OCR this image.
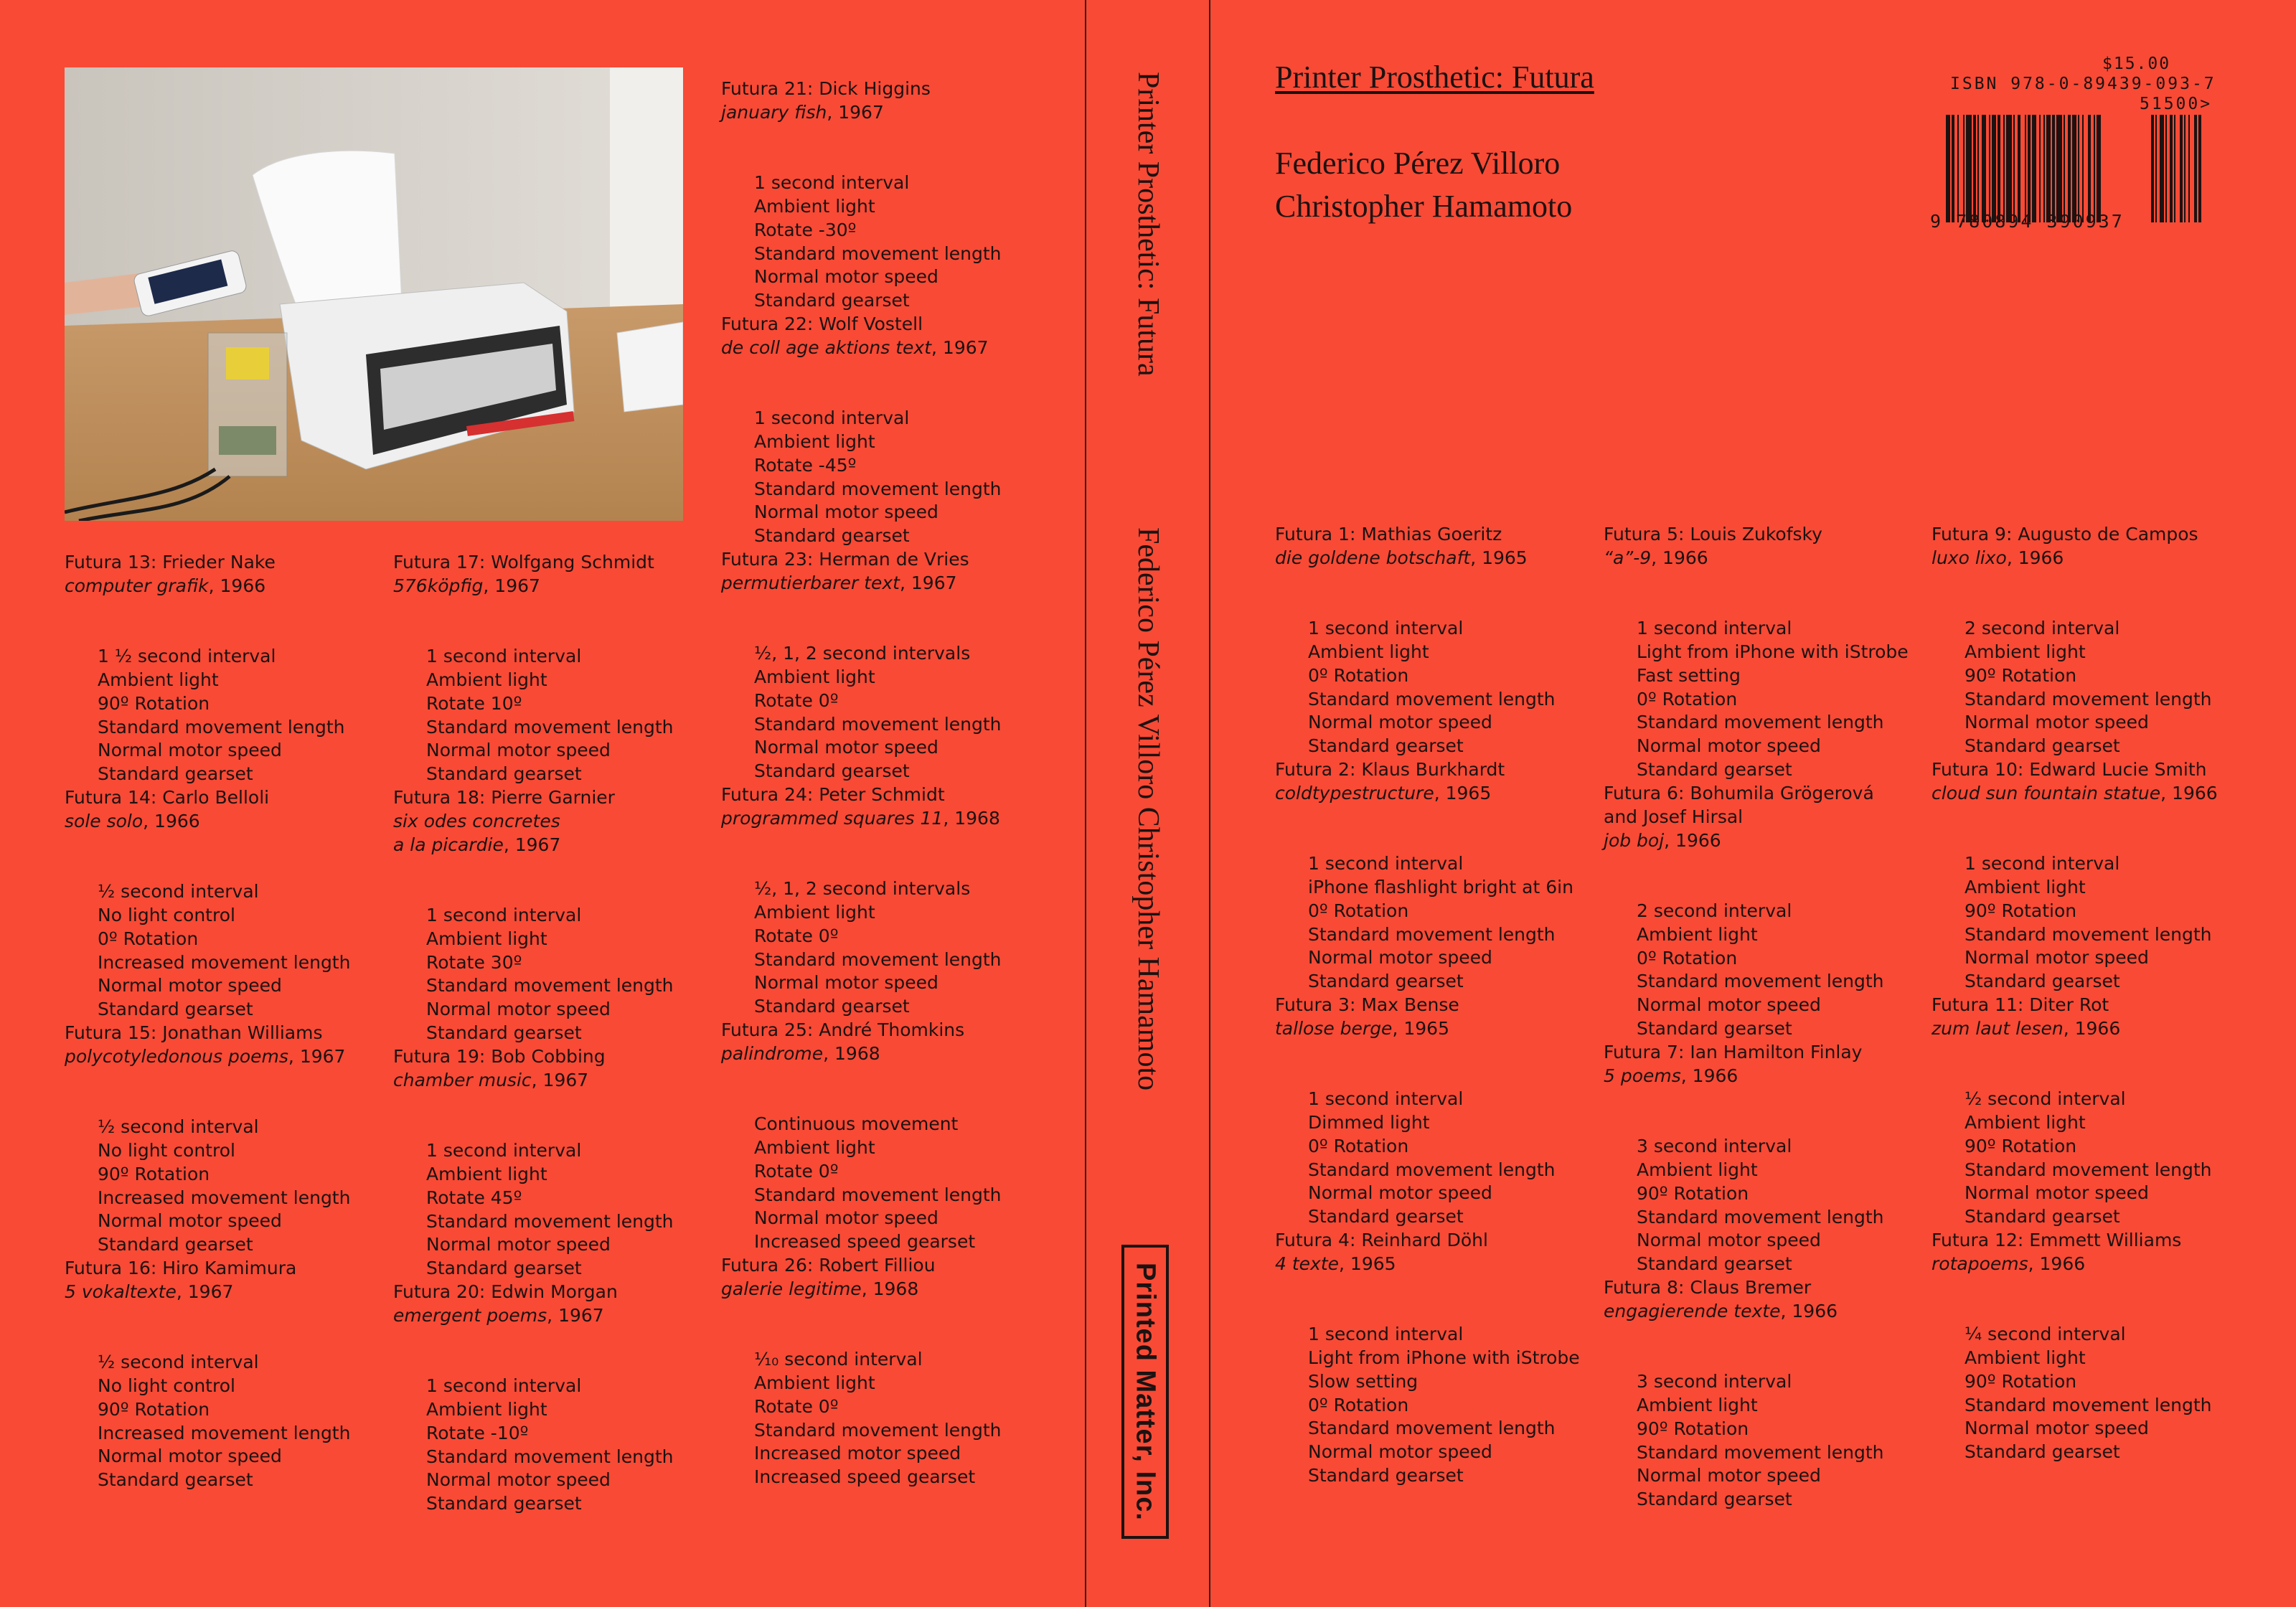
Futura 13: Frieder Nake
computer grafik, 1966

1 ½ second interval
Ambient light
90º Rotation
Standard movement length
Normal motor speed
Standard gearset

Futura 14: Carlo Belloli
sole solo, 1966

½ second interval
No light control
0º Rotation
Increased movement length
Normal motor speed
Standard gearset

Futura 15: Jonathan Williams
polycotyledonous poems, 1967

½ second interval
No light control
90º Rotation
Increased movement length
Normal motor speed
Standard gearset

Futura 16: Hiro Kamimura
5 vokaltexte, 1967

½ second interval
No light control
90º Rotation
Increased movement length
Normal motor speed
Standard gearset

Futura 17: Wolfgang Schmidt
576köpfig, 1967

1 second interval
Ambient light
Rotate 10º
Standard movement length
Normal motor speed
Standard gearset

Futura 18: Pierre Garnier
six odes concretes
a la picardie, 1967

1 second interval
Ambient light
Rotate 30º
Standard movement length
Normal motor speed
Standard gearset

Futura 19: Bob Cobbing
chamber music, 1967

1 second interval
Ambient light
Rotate 45º
Standard movement length
Normal motor speed
Standard gearset

Futura 20: Edwin Morgan
emergent poems, 1967

1 second interval
Ambient light
Rotate -10º
Standard movement length
Normal motor speed
Standard gearset

Futura 21: Dick Higgins
january fish, 1967

1 second interval
Ambient light
Rotate -30º
Standard movement length
Normal motor speed
Standard gearset

Futura 22: Wolf Vostell
de coll age aktions text, 1967

1 second interval
Ambient light
Rotate -45º
Standard movement length
Normal motor speed
Standard gearset

Futura 23: Herman de Vries
permutierbarer text, 1967

½, 1, 2 second intervals
Ambient light
Rotate 0º
Standard movement length
Normal motor speed
Standard gearset

Futura 24: Peter Schmidt
programmed squares 11, 1968

½, 1, 2 second intervals
Ambient light
Rotate 0º
Standard movement length
Normal motor speed
Standard gearset

Futura 25: André Thomkins
palindrome, 1968

Continuous movement
Ambient light
Rotate 0º
Standard movement length
Normal motor speed
Increased speed gearset

Futura 26: Robert Filliou
galerie legitime, 1968

⅒ second interval
Ambient light
Rotate 0º
Standard movement length
Increased motor speed
Increased speed gearset

Printer Prosthetic: Futura
Federico Pérez Villoro Christopher Hamamoto
Printed Matter, Inc.
Printer Prosthetic: Futura
Federico Pérez Villoro
Christopher Hamamoto
$15.00
ISBN 978-0-89439-093-7
51500>
9 780894 390937
Futura 1: Mathias Goeritz
die goldene botschaft, 1965

1 second interval
Ambient light
0º Rotation
Standard movement length
Normal motor speed
Standard gearset

Futura 2: Klaus Burkhardt
coldtypestructure, 1965

1 second interval
iPhone flashlight bright at 6in
0º Rotation
Standard movement length
Normal motor speed
Standard gearset

Futura 3: Max Bense
tallose berge, 1965

1 second interval
Dimmed light
0º Rotation
Standard movement length
Normal motor speed
Standard gearset

Futura 4: Reinhard Döhl
4 texte, 1965

1 second interval
Light from iPhone with iStrobe
Slow setting
0º Rotation
Standard movement length
Normal motor speed
Standard gearset

Futura 5: Louis Zukofsky
“a”-9, 1966

1 second interval
Light from iPhone with iStrobe
Fast setting
0º Rotation
Standard movement length
Normal motor speed
Standard gearset

Futura 6: Bohumila Grögerová
and Josef Hirsal
job boj, 1966

2 second interval
Ambient light
0º Rotation
Standard movement length
Normal motor speed
Standard gearset

Futura 7: Ian Hamilton Finlay
5 poems, 1966

3 second interval
Ambient light
90º Rotation
Standard movement length
Normal motor speed
Standard gearset

Futura 8: Claus Bremer
engagierende texte, 1966

3 second interval
Ambient light
90º Rotation
Standard movement length
Normal motor speed
Standard gearset

Futura 9: Augusto de Campos
luxo lixo, 1966

2 second interval
Ambient light
90º Rotation
Standard movement length
Normal motor speed
Standard gearset

Futura 10: Edward Lucie Smith
cloud sun fountain statue, 1966

1 second interval
Ambient light
90º Rotation
Standard movement length
Normal motor speed
Standard gearset

Futura 11: Diter Rot
zum laut lesen, 1966

½ second interval
Ambient light
90º Rotation
Standard movement length
Normal motor speed
Standard gearset

Futura 12: Emmett Williams
rotapoems, 1966

¼ second interval
Ambient light
90º Rotation
Standard movement length
Normal motor speed
Standard gearset
